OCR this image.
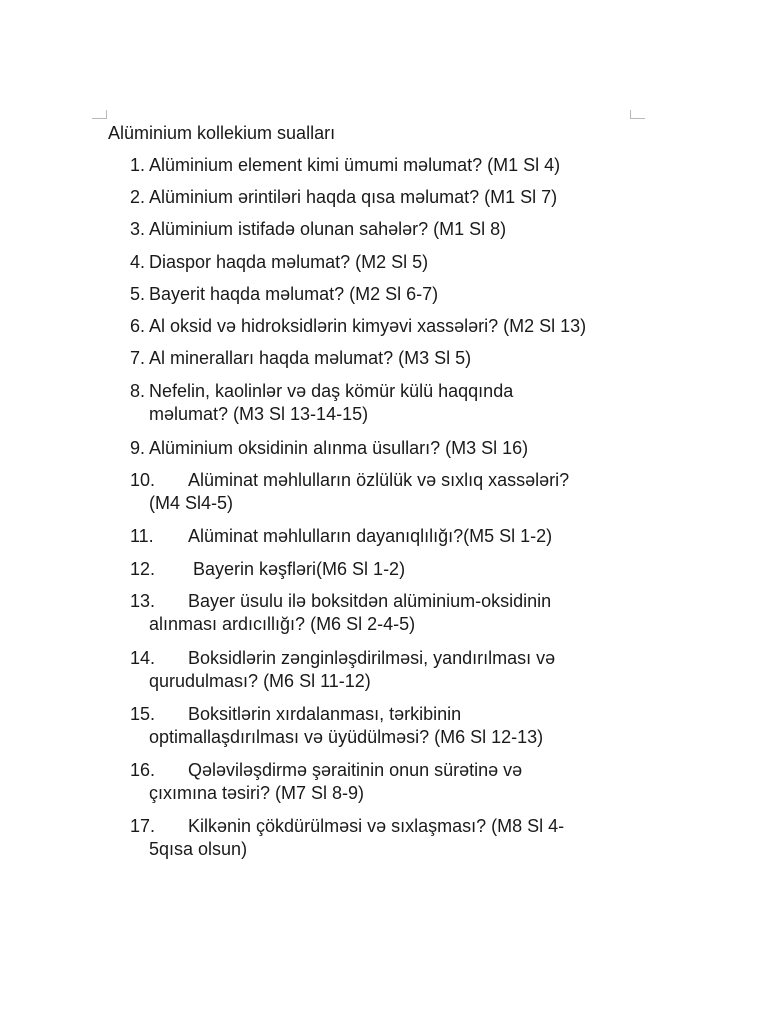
Alüminium kollekium sualları
1. Alüminium element kimi ümumi məlumat? (M1 Sl 4)
2. Alüminium ərintiləri haqda qısa məlumat? (M1 Sl 7)
3. Alüminium istifadə olunan sahələr? (M1 Sl 8)
4. Diaspor haqda məlumat? (M2 Sl 5)
5. Bayerit haqda məlumat? (M2 Sl 6-7)
6. Al oksid və hidroksidlərin kimyəvi xassələri? (M2 Sl 13)
7. Al mineralları haqda məlumat? (M3 Sl 5)
8. Nefelin, kaolinlər və daş kömür külü haqqında
məlumat? (M3 Sl 13-14-15)
9. Alüminium oksidinin alınma üsulları? (M3 Sl 16)
10. Alüminat məhlulların özlülük və sıxlıq xassələri?
(M4 Sl4-5)
11. Alüminat məhlulların dayanıqlılığı?(M5 Sl 1-2)
12. Bayerin kəşfləri(M6 Sl 1-2)
13. Bayer üsulu ilə boksitdən alüminium-oksidinin
alınması ardıcıllığı? (M6 Sl 2-4-5)
14. Boksidlərin zənginləşdirilməsi, yandırılması və
qurudulması? (M6 Sl 11-12)
15. Boksitlərin xırdalanması, tərkibinin
optimallaşdırılması və üyüdülməsi? (M6 Sl 12-13)
16. Qələviləşdirmə şəraitinin onun sürətinə və
çıxımına təsiri? (M7 Sl 8-9)
17. Kilkənin çökdürülməsi və sıxlaşması? (M8 Sl 4-
5qısa olsun)
